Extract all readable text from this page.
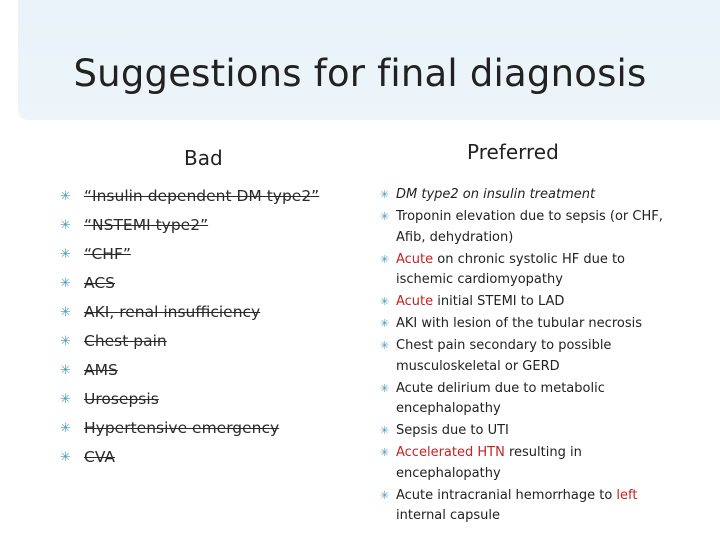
Suggestions for final diagnosis
Bad	Preferred
✳ “Insulin dependent DM type2”
✳ “NSTEMI type2”
✳ “CHF”
✳ ACS
✳ AKI, renal insufficiency
✳ Chest pain
✳ AMS
✳ Urosepsis
✳ Hypertensive emergency
✳ CVA
✳ DM type2 on insulin treatment
✳ Troponin elevation due to sepsis (or CHF, Afib, dehydration)
✳ Acute on chronic systolic HF due to ischemic cardiomyopathy
✳ Acute initial STEMI to LAD
✳ AKI with lesion of the tubular necrosis
✳ Chest pain secondary to possible musculoskeletal or GERD
✳ Acute delirium due to metabolic encephalopathy
✳ Sepsis due to UTI
✳ Accelerated HTN resulting in encephalopathy
✳ Acute intracranial hemorrhage to left internal capsule
